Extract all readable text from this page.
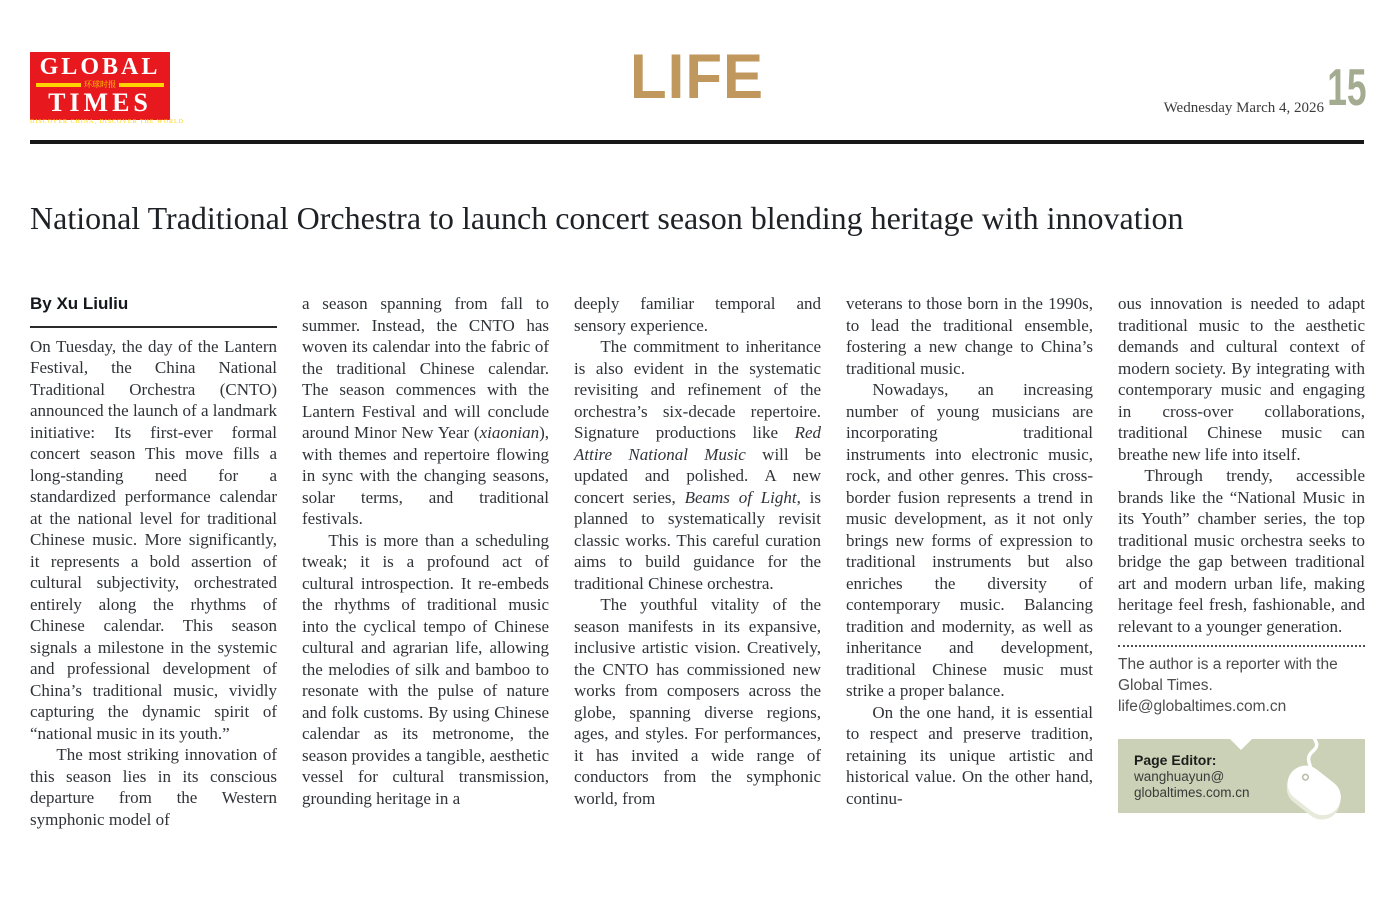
GLOBAL
环球时报
TIMES
DISCOVER CHINA, DISCOVER THE WORLD
LIFE	Wednesday March 4, 2026 15
National Traditional Orchestra to launch concert season blending heritage with innovation
By Xu Liuliu

On Tuesday, the day of the Lantern Festival, the China National Traditional Orchestra (CNTO) announced the launch of a landmark initiative: Its first-ever formal concert season This move fills a long-standing need for a standardized performance calendar at the national level for traditional Chinese music. More significantly, it represents a bold assertion of cultural subjectivity, orchestrated entirely along the rhythms of Chinese calendar. This season signals a milestone in the systemic and professional development of China’s traditional music, vividly capturing the dynamic spirit of “national music in its youth.”

The most striking innovation of this season lies in its conscious departure from the Western symphonic model of

a season spanning from fall to summer. Instead, the CNTO has woven its calendar into the fabric of the traditional Chinese calendar. The season commences with the Lantern Festival and will conclude around Minor New Year (xiaonian), with themes and repertoire flowing in sync with the changing seasons, solar terms, and traditional festivals.

This is more than a scheduling tweak; it is a profound act of cultural introspection. It re-embeds the rhythms of traditional music into the cyclical tempo of Chinese cultural and agrarian life, allowing the melodies of silk and bamboo to resonate with the pulse of nature and folk customs. By using Chinese calendar as its metronome, the season provides a tangible, aesthetic vessel for cultural transmission, grounding heritage in a

deeply familiar temporal and sensory experience.

The commitment to inheritance is also evident in the systematic revisiting and refinement of the orchestra’s six-decade repertoire. Signature productions like Red Attire National Music will be updated and polished. A new concert series, Beams of Light, is planned to systematically revisit classic works. This careful curation aims to build guidance for the traditional Chinese orchestra.

The youthful vitality of the season manifests in its expansive, inclusive artistic vision. Creatively, the CNTO has commissioned new works from composers across the globe, spanning diverse regions, ages, and styles. For performances, it has invited a wide range of conductors from the symphonic world, from

veterans to those born in the 1990s, to lead the traditional ensemble, fostering a new change to China’s traditional music.

Nowadays, an increasing number of young musicians are incorporating traditional instruments into electronic music, rock, and other genres. This cross-border fusion represents a trend in music development, as it not only brings new forms of expression to traditional instruments but also enriches the diversity of contemporary music. Balancing tradition and modernity, as well as inheritance and development, traditional Chinese music must strike a proper balance.

On the one hand, it is essential to respect and preserve tradition, retaining its unique artistic and historical value. On the other hand, continu-

ous innovation is needed to adapt traditional music to the aesthetic demands and cultural context of modern society. By integrating with contemporary music and engaging in cross-over collaborations, traditional Chinese music can breathe new life into itself.

Through trendy, accessible brands like the “National Music in its Youth” chamber series, the top traditional music orchestra seeks to bridge the gap between traditional art and modern urban life, making heritage feel fresh, fashionable, and relevant to a younger generation.

The author is a reporter with the Global Times. life@globaltimes.com.cn
Page Editor:
wanghuayun@
globaltimes.com.cn
